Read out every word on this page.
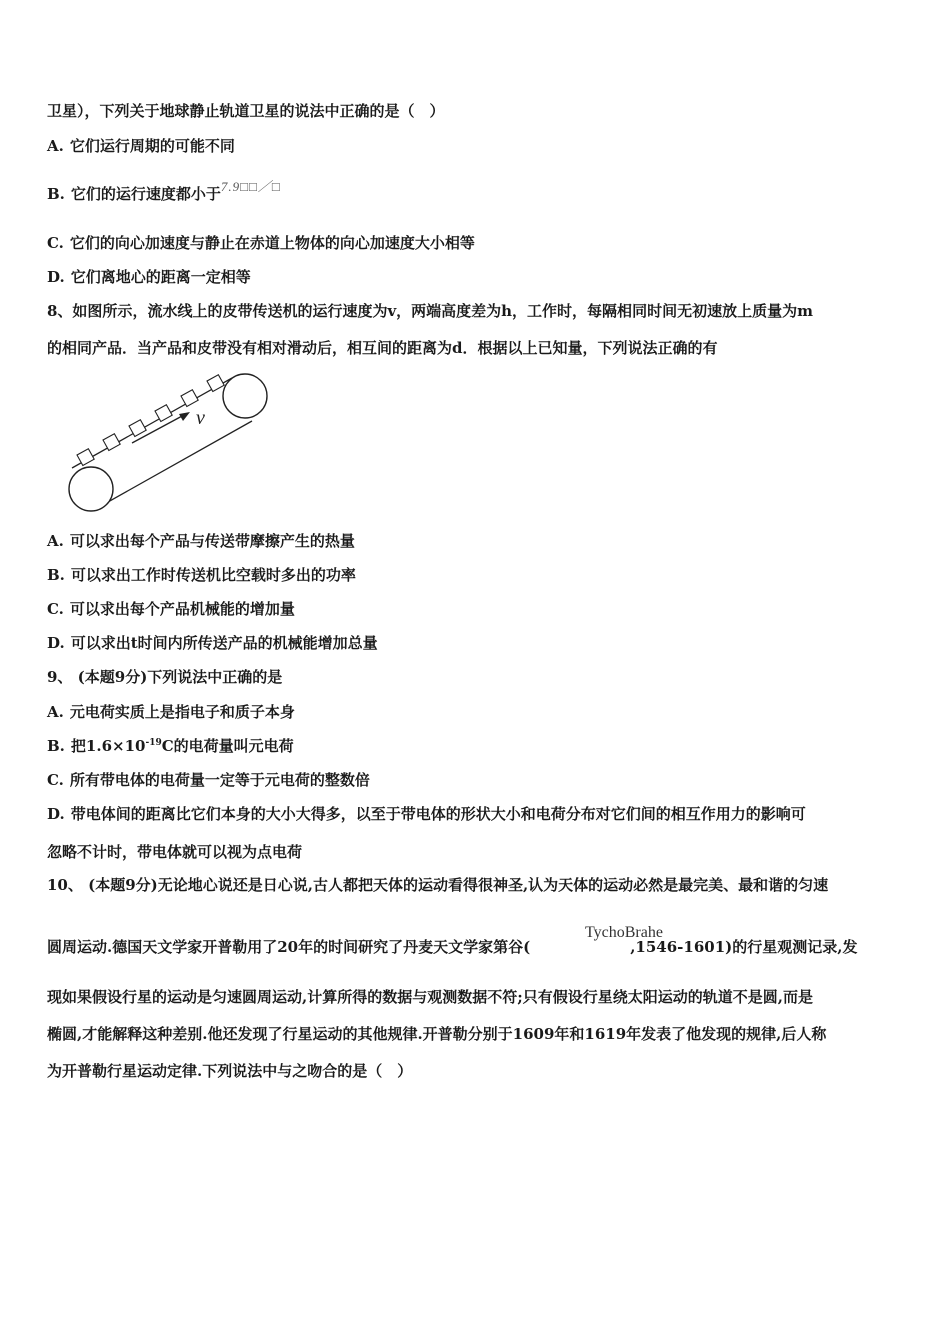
卫星），下列关于地球静止轨道卫星的说法中正确的是（　）
A. 它们运行周期的可能不同
B. 它们的运行速度都小于7.9□□／□
C. 它们的向心加速度与静止在赤道上物体的向心加速度大小相等
D. 它们离地心的距离一定相等
8、如图所示，流水线上的皮带传送机的运行速度为v，两端高度差为h，工作时，每隔相同时间无初速放上质量为m
的相同产品．当产品和皮带没有相对滑动后，相互间的距离为d．根据以上已知量，下列说法正确的有
v
A. 可以求出每个产品与传送带摩擦产生的热量
B. 可以求出工作时传送机比空载时多出的功率
C. 可以求出每个产品机械能的增加量
D. 可以求出t时间内所传送产品的机械能增加总量
9、 (本题9分)下列说法中正确的是
A. 元电荷实质上是指电子和质子本身
B. 把$1.6\times 10^{-19}C$的电荷量叫元电荷
C. 所有带电体的电荷量一定等于元电荷的整数倍
D. 带电体间的距离比它们本身的大小大得多，以至于带电体的形状大小和电荷分布对它们间的相互作用力的影响可
忽略不计时，带电体就可以视为点电荷
10、 (本题9分)无论地心说还是日心说,古人都把天体的运动看得很神圣,认为天体的运动必然是最完美、最和谐的匀速
圆周运动.德国天文学家开普勒用了20年的时间研究了丹麦天文学家第谷(	,1546-1601)的行星观测记录,发
TychoBrahe
现如果假设行星的运动是匀速圆周运动,计算所得的数据与观测数据不符;只有假设行星绕太阳运动的轨道不是圆,而是
椭圆,才能解释这种差别.他还发现了行星运动的其他规律.开普勒分别于1609年和1619年发表了他发现的规律,后人称
为开普勒行星运动定律.下列说法中与之吻合的是（　）
